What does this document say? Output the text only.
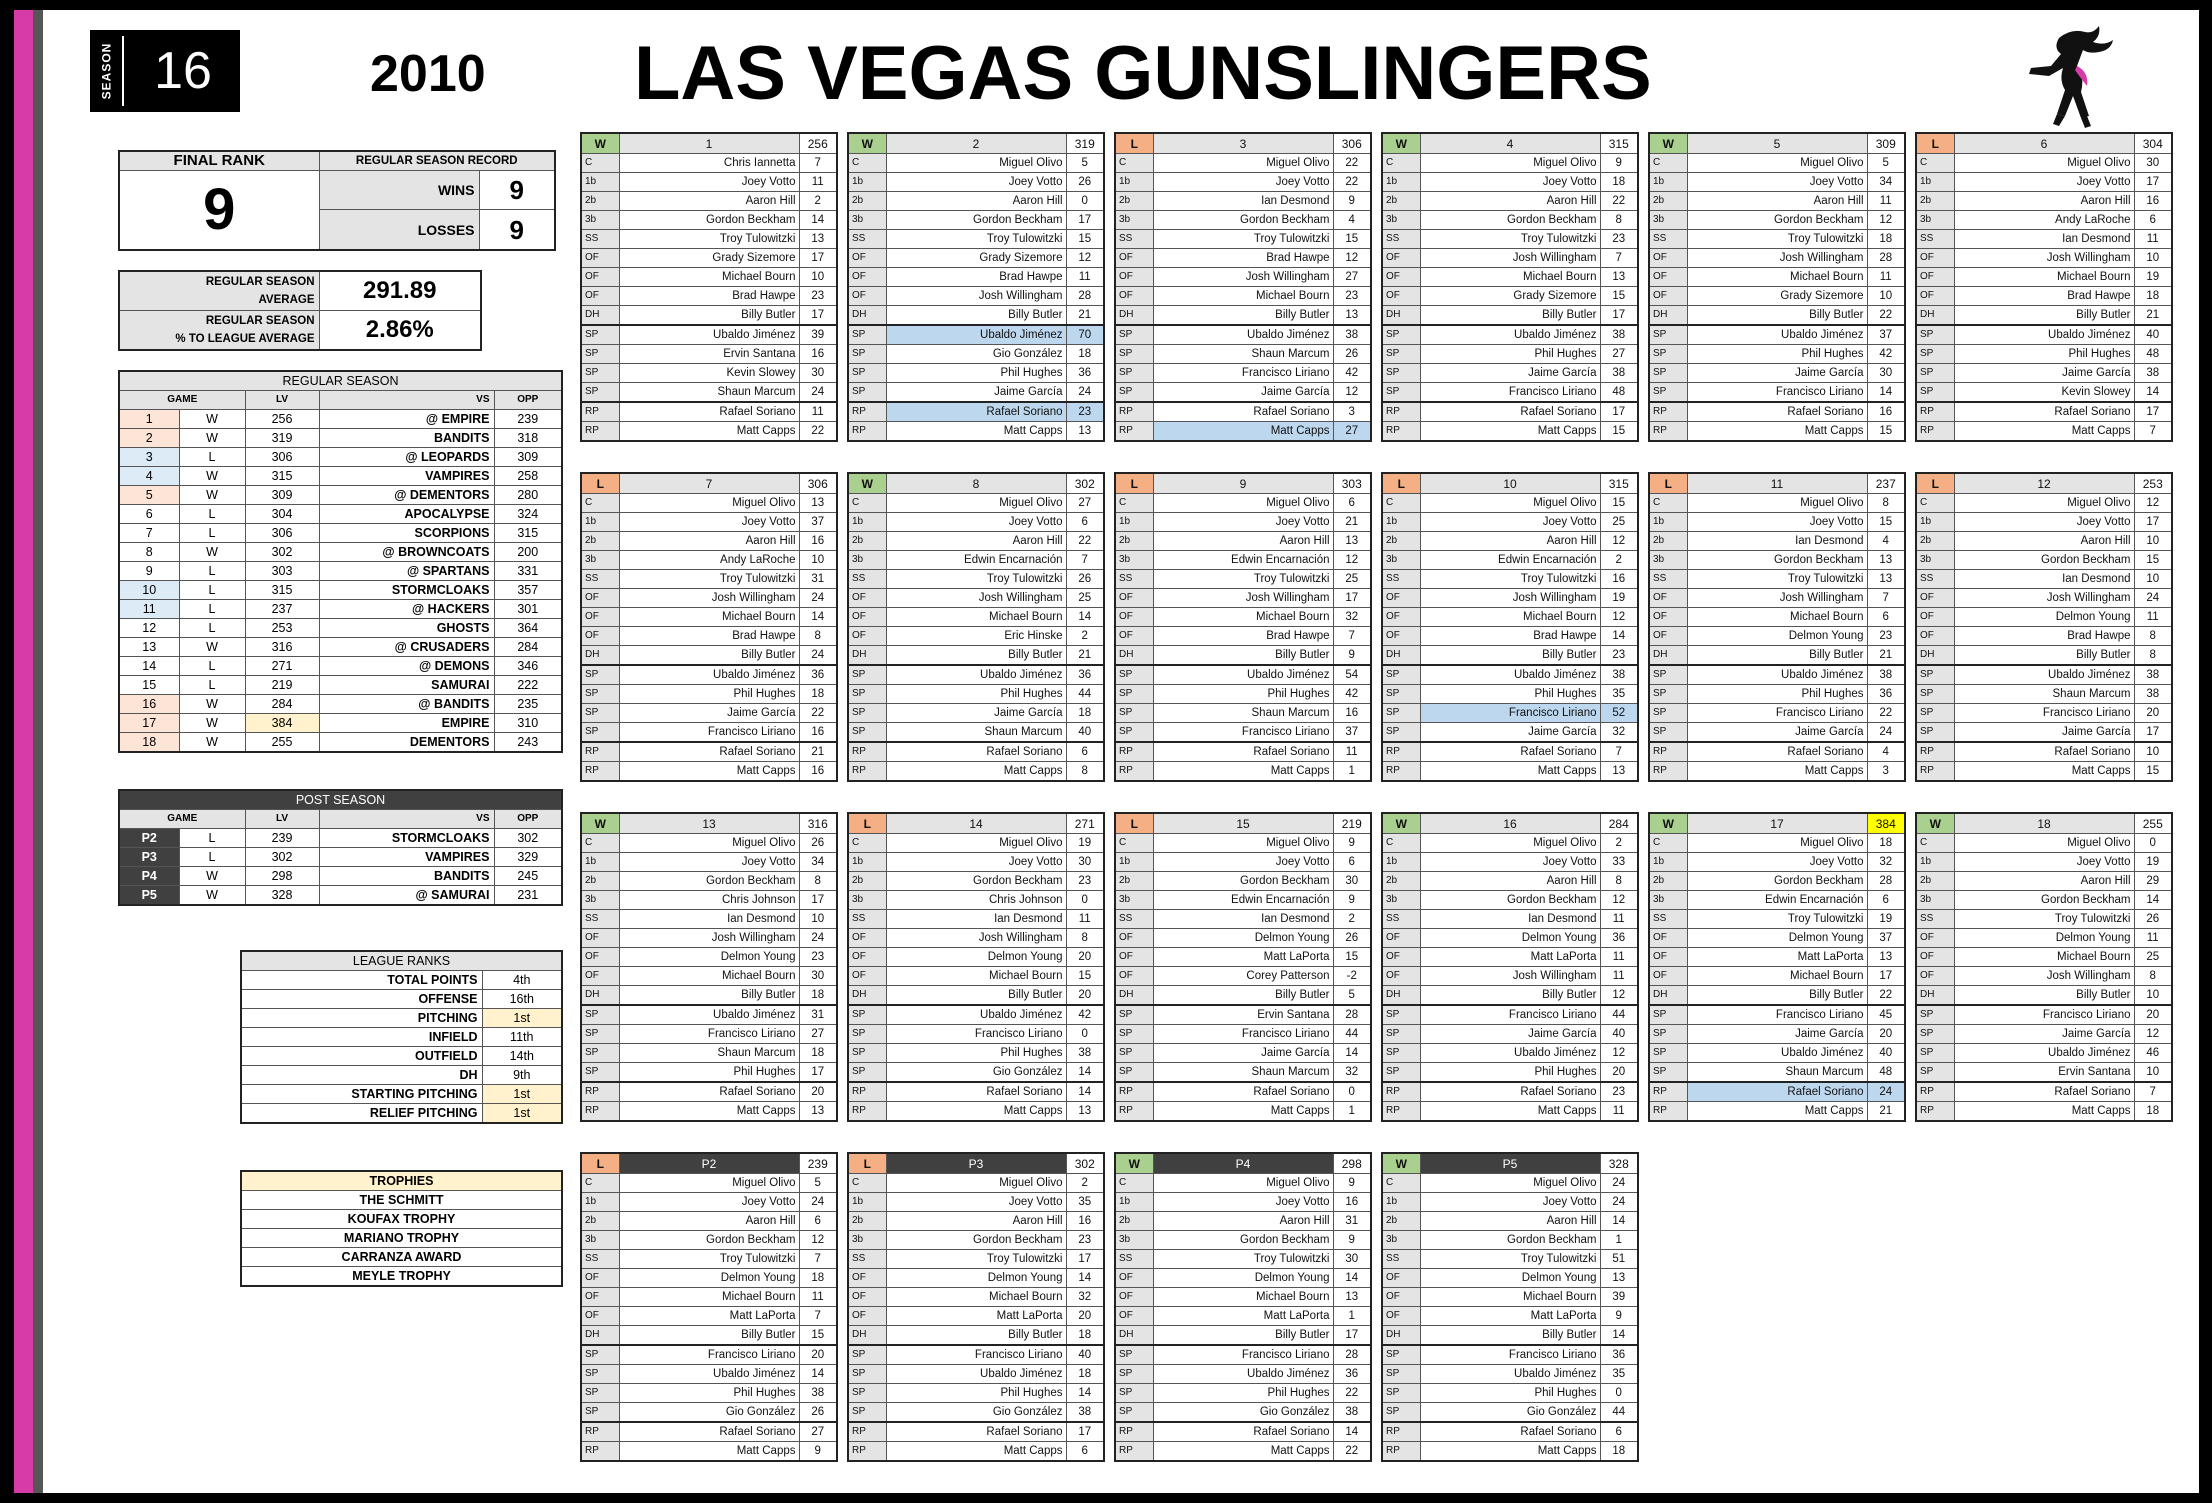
SEASON 16	2010	LAS VEGAS GUNSLINGERS
FINAL RANK	REGULAR SEASON RECORD	
9	WINS	9
	LOSSES	9
REGULAR SEASON
AVERAGE	291.89

REGULAR SEASON
% TO LEAGUE AVERAGE	2.86%
REGULAR SEASON				
GAME		LV	VS	OPP
1	W	256	@ EMPIRE	239
2	W	319	BANDITS	318
3	L	306	@ LEOPARDS	309
4	W	315	VAMPIRES	258
5	W	309	@ DEMENTORS	280
6	L	304	APOCALYPSE	324
7	L	306	SCORPIONS	315
8	W	302	@ BROWNCOATS	200
9	L	303	@ SPARTANS	331
10	L	315	STORMCLOAKS	357
11	L	237	@ HACKERS	301
12	L	253	GHOSTS	364
13	W	316	@ CRUSADERS	284
14	L	271	@ DEMONS	346
15	L	219	SAMURAI	222
16	W	284	@ BANDITS	235
17	W	384	EMPIRE	310
18	W	255	DEMENTORS	243
POST SEASON				
GAME		LV	VS	OPP
P2	L	239	STORMCLOAKS	302
P3	L	302	VAMPIRES	329
P4	W	298	BANDITS	245
P5	W	328	@ SAMURAI	231
LEAGUE RANKS	
TOTAL POINTS	4th
OFFENSE	16th
PITCHING	1st
INFIELD	11th
OUTFIELD	14th
DH	9th
STARTING PITCHING	1st
RELIEF PITCHING	1st
TROPHIES
THE SCHMITT
KOUFAX TROPHY
MARIANO TROPHY
CARRANZA AWARD
MEYLE TROPHY
W	1	256
C	Chris Iannetta	7
1b	Joey Votto	11
2b	Aaron Hill	2
3b	Gordon Beckham	14
SS	Troy Tulowitzki	13
OF	Grady Sizemore	17
OF	Michael Bourn	10
OF	Brad Hawpe	23
DH	Billy Butler	17
SP	Ubaldo Jiménez	39
SP	Ervin Santana	16
SP	Kevin Slowey	30
SP	Shaun Marcum	24
RP	Rafael Soriano	11
RP	Matt Capps	22
W	2	319
C	Miguel Olivo	5
1b	Joey Votto	26
2b	Aaron Hill	0
3b	Gordon Beckham	17
SS	Troy Tulowitzki	15
OF	Grady Sizemore	12
OF	Brad Hawpe	11
OF	Josh Willingham	28
DH	Billy Butler	21
SP	Ubaldo Jiménez	70
SP	Gio González	18
SP	Phil Hughes	36
SP	Jaime García	24
RP	Rafael Soriano	23
RP	Matt Capps	13
L	3	306
C	Miguel Olivo	22
1b	Joey Votto	22
2b	Ian Desmond	9
3b	Gordon Beckham	4
SS	Troy Tulowitzki	15
OF	Brad Hawpe	12
OF	Josh Willingham	27
OF	Michael Bourn	23
DH	Billy Butler	13
SP	Ubaldo Jiménez	38
SP	Shaun Marcum	26
SP	Francisco Liriano	42
SP	Jaime García	12
RP	Rafael Soriano	3
RP	Matt Capps	27
W	4	315
C	Miguel Olivo	9
1b	Joey Votto	18
2b	Aaron Hill	22
3b	Gordon Beckham	8
SS	Troy Tulowitzki	23
OF	Josh Willingham	7
OF	Michael Bourn	13
OF	Grady Sizemore	15
DH	Billy Butler	17
SP	Ubaldo Jiménez	38
SP	Phil Hughes	27
SP	Jaime García	38
SP	Francisco Liriano	48
RP	Rafael Soriano	17
RP	Matt Capps	15
W	5	309
C	Miguel Olivo	5
1b	Joey Votto	34
2b	Aaron Hill	11
3b	Gordon Beckham	12
SS	Troy Tulowitzki	18
OF	Josh Willingham	28
OF	Michael Bourn	11
OF	Grady Sizemore	10
DH	Billy Butler	22
SP	Ubaldo Jiménez	37
SP	Phil Hughes	42
SP	Jaime García	30
SP	Francisco Liriano	14
RP	Rafael Soriano	16
RP	Matt Capps	15
L	6	304
C	Miguel Olivo	30
1b	Joey Votto	17
2b	Aaron Hill	16
3b	Andy LaRoche	6
SS	Ian Desmond	11
OF	Josh Willingham	10
OF	Michael Bourn	19
OF	Brad Hawpe	18
DH	Billy Butler	21
SP	Ubaldo Jiménez	40
SP	Phil Hughes	48
SP	Jaime García	38
SP	Kevin Slowey	14
RP	Rafael Soriano	17
RP	Matt Capps	7
L	7	306
C	Miguel Olivo	13
1b	Joey Votto	37
2b	Aaron Hill	16
3b	Andy LaRoche	10
SS	Troy Tulowitzki	31
OF	Josh Willingham	24
OF	Michael Bourn	14
OF	Brad Hawpe	8
DH	Billy Butler	24
SP	Ubaldo Jiménez	36
SP	Phil Hughes	18
SP	Jaime García	22
SP	Francisco Liriano	16
RP	Rafael Soriano	21
RP	Matt Capps	16
W	8	302
C	Miguel Olivo	27
1b	Joey Votto	6
2b	Aaron Hill	22
3b	Edwin Encarnación	7
SS	Troy Tulowitzki	26
OF	Josh Willingham	25
OF	Michael Bourn	14
OF	Eric Hinske	2
DH	Billy Butler	21
SP	Ubaldo Jiménez	36
SP	Phil Hughes	44
SP	Jaime García	18
SP	Shaun Marcum	40
RP	Rafael Soriano	6
RP	Matt Capps	8
L	9	303
C	Miguel Olivo	6
1b	Joey Votto	21
2b	Aaron Hill	13
3b	Edwin Encarnación	12
SS	Troy Tulowitzki	25
OF	Josh Willingham	17
OF	Michael Bourn	32
OF	Brad Hawpe	7
DH	Billy Butler	9
SP	Ubaldo Jiménez	54
SP	Phil Hughes	42
SP	Shaun Marcum	16
SP	Francisco Liriano	37
RP	Rafael Soriano	11
RP	Matt Capps	1
L	10	315
C	Miguel Olivo	15
1b	Joey Votto	25
2b	Aaron Hill	12
3b	Edwin Encarnación	2
SS	Troy Tulowitzki	16
OF	Josh Willingham	19
OF	Michael Bourn	12
OF	Brad Hawpe	14
DH	Billy Butler	23
SP	Ubaldo Jiménez	38
SP	Phil Hughes	35
SP	Francisco Liriano	52
SP	Jaime García	32
RP	Rafael Soriano	7
RP	Matt Capps	13
L	11	237
C	Miguel Olivo	8
1b	Joey Votto	15
2b	Ian Desmond	4
3b	Gordon Beckham	13
SS	Troy Tulowitzki	13
OF	Josh Willingham	7
OF	Michael Bourn	6
OF	Delmon Young	23
DH	Billy Butler	21
SP	Ubaldo Jiménez	38
SP	Phil Hughes	36
SP	Francisco Liriano	22
SP	Jaime García	24
RP	Rafael Soriano	4
RP	Matt Capps	3
L	12	253
C	Miguel Olivo	12
1b	Joey Votto	17
2b	Aaron Hill	10
3b	Gordon Beckham	15
SS	Ian Desmond	10
OF	Josh Willingham	24
OF	Delmon Young	11
OF	Brad Hawpe	8
DH	Billy Butler	8
SP	Ubaldo Jiménez	38
SP	Shaun Marcum	38
SP	Francisco Liriano	20
SP	Jaime García	17
RP	Rafael Soriano	10
RP	Matt Capps	15
W	13	316
C	Miguel Olivo	26
1b	Joey Votto	34
2b	Gordon Beckham	8
3b	Chris Johnson	17
SS	Ian Desmond	10
OF	Josh Willingham	24
OF	Delmon Young	23
OF	Michael Bourn	30
DH	Billy Butler	18
SP	Ubaldo Jiménez	31
SP	Francisco Liriano	27
SP	Shaun Marcum	18
SP	Phil Hughes	17
RP	Rafael Soriano	20
RP	Matt Capps	13
L	14	271
C	Miguel Olivo	19
1b	Joey Votto	30
2b	Gordon Beckham	23
3b	Chris Johnson	0
SS	Ian Desmond	11
OF	Josh Willingham	8
OF	Delmon Young	20
OF	Michael Bourn	15
DH	Billy Butler	20
SP	Ubaldo Jiménez	42
SP	Francisco Liriano	0
SP	Phil Hughes	38
SP	Gio González	14
RP	Rafael Soriano	14
RP	Matt Capps	13
L	15	219
C	Miguel Olivo	9
1b	Joey Votto	6
2b	Gordon Beckham	30
3b	Edwin Encarnación	9
SS	Ian Desmond	2
OF	Delmon Young	26
OF	Matt LaPorta	15
OF	Corey Patterson	-2
DH	Billy Butler	5
SP	Ervin Santana	28
SP	Francisco Liriano	44
SP	Jaime García	14
SP	Shaun Marcum	32
RP	Rafael Soriano	0
RP	Matt Capps	1
W	16	284
C	Miguel Olivo	2
1b	Joey Votto	33
2b	Aaron Hill	8
3b	Gordon Beckham	12
SS	Ian Desmond	11
OF	Delmon Young	36
OF	Matt LaPorta	11
OF	Josh Willingham	11
DH	Billy Butler	12
SP	Francisco Liriano	44
SP	Jaime García	40
SP	Ubaldo Jiménez	12
SP	Phil Hughes	20
RP	Rafael Soriano	23
RP	Matt Capps	11
W	17	384
C	Miguel Olivo	18
1b	Joey Votto	32
2b	Gordon Beckham	28
3b	Edwin Encarnación	6
SS	Troy Tulowitzki	19
OF	Delmon Young	37
OF	Matt LaPorta	13
OF	Michael Bourn	17
DH	Billy Butler	22
SP	Francisco Liriano	45
SP	Jaime García	20
SP	Ubaldo Jiménez	40
SP	Shaun Marcum	48
RP	Rafael Soriano	24
RP	Matt Capps	21
W	18	255
C	Miguel Olivo	0
1b	Joey Votto	19
2b	Aaron Hill	29
3b	Gordon Beckham	14
SS	Troy Tulowitzki	26
OF	Delmon Young	11
OF	Michael Bourn	25
OF	Josh Willingham	8
DH	Billy Butler	10
SP	Francisco Liriano	20
SP	Jaime García	12
SP	Ubaldo Jiménez	46
SP	Ervin Santana	10
RP	Rafael Soriano	7
RP	Matt Capps	18
L	P2	239
C	Miguel Olivo	5
1b	Joey Votto	24
2b	Aaron Hill	6
3b	Gordon Beckham	12
SS	Troy Tulowitzki	7
OF	Delmon Young	18
OF	Michael Bourn	11
OF	Matt LaPorta	7
DH	Billy Butler	15
SP	Francisco Liriano	20
SP	Ubaldo Jiménez	14
SP	Phil Hughes	38
SP	Gio González	26
RP	Rafael Soriano	27
RP	Matt Capps	9
L	P3	302
C	Miguel Olivo	2
1b	Joey Votto	35
2b	Aaron Hill	16
3b	Gordon Beckham	23
SS	Troy Tulowitzki	17
OF	Delmon Young	14
OF	Michael Bourn	32
OF	Matt LaPorta	20
DH	Billy Butler	18
SP	Francisco Liriano	40
SP	Ubaldo Jiménez	18
SP	Phil Hughes	14
SP	Gio González	38
RP	Rafael Soriano	17
RP	Matt Capps	6
W	P4	298
C	Miguel Olivo	9
1b	Joey Votto	16
2b	Aaron Hill	31
3b	Gordon Beckham	9
SS	Troy Tulowitzki	30
OF	Delmon Young	14
OF	Michael Bourn	13
OF	Matt LaPorta	1
DH	Billy Butler	17
SP	Francisco Liriano	28
SP	Ubaldo Jiménez	36
SP	Phil Hughes	22
SP	Gio González	38
RP	Rafael Soriano	14
RP	Matt Capps	22
W	P5	328
C	Miguel Olivo	24
1b	Joey Votto	24
2b	Aaron Hill	14
3b	Gordon Beckham	1
SS	Troy Tulowitzki	51
OF	Delmon Young	13
OF	Michael Bourn	39
OF	Matt LaPorta	9
DH	Billy Butler	14
SP	Francisco Liriano	36
SP	Ubaldo Jiménez	35
SP	Phil Hughes	0
SP	Gio González	44
RP	Rafael Soriano	6
RP	Matt Capps	18
